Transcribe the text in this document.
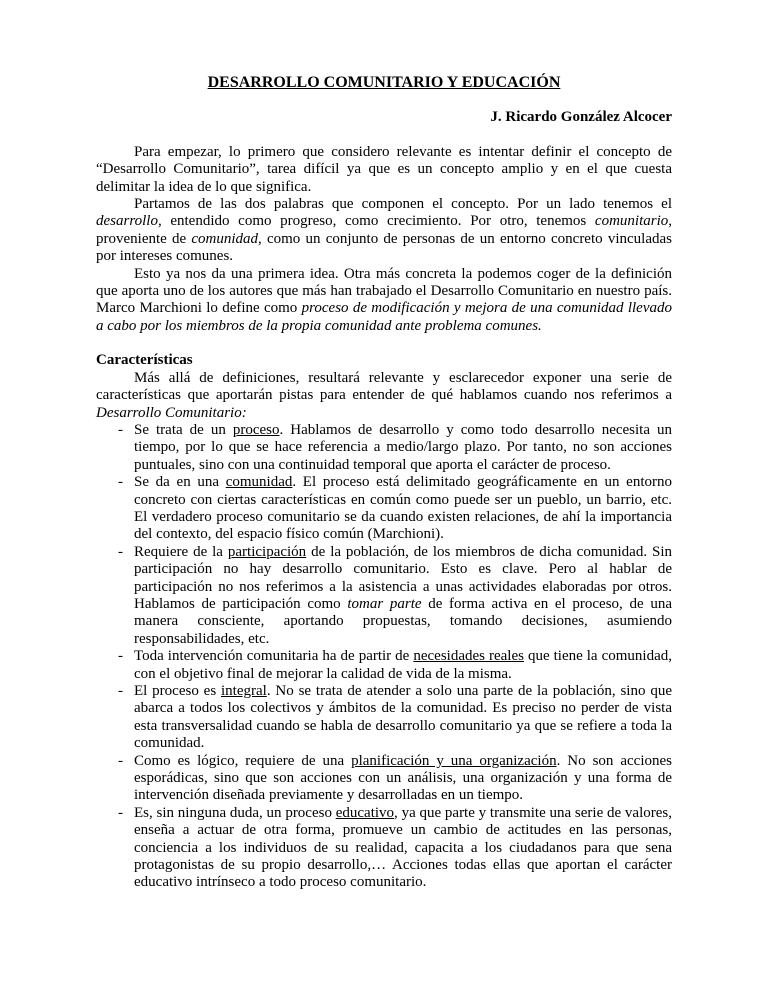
DESARROLLO COMUNITARIO Y EDUCACIÓN
J. Ricardo González Alcocer

Para empezar, lo primero que considero relevante es intentar definir el concepto de “Desarrollo Comunitario”, tarea difícil ya que es un concepto amplio y en el que cuesta delimitar la idea de lo que significa.

Partamos de las dos palabras que componen el concepto. Por un lado tenemos el desarrollo, entendido como progreso, como crecimiento. Por otro, tenemos comunitario, proveniente de comunidad, como un conjunto de personas de un entorno concreto vinculadas por intereses comunes.

Esto ya nos da una primera idea. Otra más concreta la podemos coger de la definición que aporta uno de los autores que más han trabajado el Desarrollo Comunitario en nuestro país. Marco Marchioni lo define como proceso de modificación y mejora de una comunidad llevado a cabo por los miembros de la propia comunidad ante problema comunes.

Características

Más allá de definiciones, resultará relevante y esclarecedor exponer una serie de características que aportarán pistas para entender de qué hablamos cuando nos referimos a Desarrollo Comunitario:

- Se trata de un proceso. Hablamos de desarrollo y como todo desarrollo necesita un tiempo, por lo que se hace referencia a medio/largo plazo. Por tanto, no son acciones puntuales, sino con una continuidad temporal que aporta el carácter de proceso.
- Se da en una comunidad. El proceso está delimitado geográficamente en un entorno concreto con ciertas características en común como puede ser un pueblo, un barrio, etc. El verdadero proceso comunitario se da cuando existen relaciones, de ahí la importancia del contexto, del espacio físico común (Marchioni).
- Requiere de la participación de la población, de los miembros de dicha comunidad. Sin participación no hay desarrollo comunitario. Esto es clave. Pero al hablar de participación no nos referimos a la asistencia a unas actividades elaboradas por otros. Hablamos de participación como tomar parte de forma activa en el proceso, de una manera consciente, aportando propuestas, tomando decisiones, asumiendo responsabilidades, etc.
- Toda intervención comunitaria ha de partir de necesidades reales que tiene la comunidad, con el objetivo final de mejorar la calidad de vida de la misma.
- El proceso es integral. No se trata de atender a solo una parte de la población, sino que abarca a todos los colectivos y ámbitos de la comunidad. Es preciso no perder de vista esta transversalidad cuando se habla de desarrollo comunitario ya que se refiere a toda la comunidad.
- Como es lógico, requiere de una planificación y una organización. No son acciones esporádicas, sino que son acciones con un análisis, una organización y una forma de intervención diseñada previamente y desarrolladas en un tiempo.
- Es, sin ninguna duda, un proceso educativo, ya que parte y transmite una serie de valores, enseña a actuar de otra forma, promueve un cambio de actitudes en las personas, conciencia a los individuos de su realidad, capacita a los ciudadanos para que sena protagonistas de su propio desarrollo,… Acciones todas ellas que aportan el carácter educativo intrínseco a todo proceso comunitario.
